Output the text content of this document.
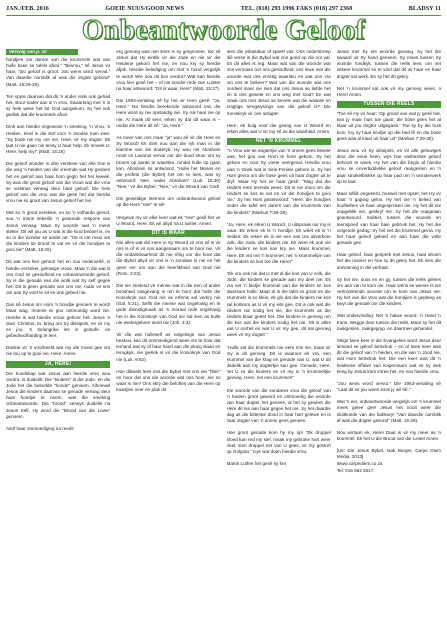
JAN./FEB. 2016	GOEIE NUUS/GOOD NEWS	TEL. (018) 293 1996 FAKS (018) 297 2368	BLADSY 11
Onbeantwoorde Geloof
Vervolg van p. 10

hondjies oor darem van die krummels wat van hulle base se tafels afval." "Bevrou," sê Jesus vir haar, "jou geloof is groot. Jou wens word vervul." Van daardie oomblik af was die dogter gesond" (Matt. 15:26-28).

Ten spyte daarvan dat dit 'n ander rede ook gehad het, stuur-nader aan is 'n vrou, Swaarkrag met 'n in sy hele wese het tot God aangekom. Sy het ook gedink dat die krummels afval.

Dink aan hierdie ongewone 'n smeking, 'n Vrou, 'n Heiden, kniel in die stof voor 'n Joodse man wee: "Sy bode nie my ore nie, Heer, vir my dogter. Ek laat U nie gaan nie tensy U haar help. Ek smeek U: Here, help my!" (Matt. 15:25)

Die geloof wonder in drie verskeie van Alle hoe is die weg 'n heiden van die vreemde wat Hy gedoen het en geloof aan haar hom geglo het het kweek. Sy was die groot geloof van die vroue wat die vrou se volstruis verwag deur haar geloof. Die hele geloof van die vrou wat die gesë het dat hierdie vrou nie so groot van Jesus geloof het nie.

Met so 'n groot verskeie, en so 'n volharde geloof, sou 'n mens sekerlik 'n gewonde respons van Jesus verwag. Maar Sy woorde laat 'n mens stelter. Dit wil jou as U wat is die kind bedoel is, en so in die wonder se ander oë: "Dit is nie mooi om die kinders se brood te vat en vir die hondjies te gooi nie" (Matt. 15:26).

Dit wat ons hier gehoor het en nou onderverlê, is hierdie verseker, gelowige vroue. Maar 'n die wat is ons God se gesindheid en onbeantwoorde geloof. Sy is die genade van die wolk wat Sy self gegee het. Dit is geen genade van ons nie; maar vir ons om aan Sy voet te sit en ons gebed nie.

Dan sê Jesus om Hom 'n hondjie genoem te word! Maar wag, moenie te gou ontmoedig word nie. Hierdie is wat hierdie vroue gehoor het: Jesus 'n doel. Christus, la, bring om Sy dissipels, en vir my en jou, 'n belangrike les in geloofs- en gebedsvolharding te leer.

Dankie vir 'n voorbeeld wat my die moed gee om nie tou op te gooi nie, Here. Amen.

JA, HERE!

Die boodskap wat Jesus aan hierdie vrou wou oordra, is duidelik: Die "kinders" is die Jode, en die Jode het die beloofde "honde" genoem. Alhoewel Jesus die kinders daarvan se genade verwag deur haar hondjie te noem, was die smeking onbeantwoorde. Die "brood" verwys duidelik na Jesus Self, Hy word die "Brood van die Lewe" genoem.

Asof haar ommoediging na reeds

erg genoeg was nie! Eers is sy geïgnoreer, toe sê Jesus dat Hy eintlik vir die Jode en nie vir die Heidene gekom het nie, en nou kry sy hierdie afjak. Hierdie belediging om met 'n hond vergelyk te word! Wie sou dit kon verdra? Wat kan hierdie vrou hier gesê het – of nie sonder rede nie! Luister na haar antwoord: "Dit is waar, Here" (Matt. 15:27).

Die 1953-vertaling sê by het vir Hom gesê: "Ja, Here." Na hierdie berekende antwoord van die Here word sy nie opstandig nie. Sy ruk haar nie op nie. Al maak dit seer, erken sy dat dit waar is – ondat die Here dit sê: "Ja, Here."

As meer van ons maar "ja" wou sê vir die Here en Sy Woord! Ek dink nou aan die ryk man in die klamme van die doderyk. Hy wou nié Abraham moet vir Lasarus vervul oor die dood stuur om sy broers op aarde te waarsku, omdat hulle op gaan kan. Abraham se antwoord: "Hulle het Moses en die profete (die Bybel) het om te lees, was sy antwoord: Nee, vader Abraham" (Luk. 16:30) "Nee," vir die Bybel. "Nee," vir die Woord van God!

Die geweldige stemme om onbeantwoord geloof op die Here "nee" te sê!

Vergewe my vir elke keer wat ek "nee" gesê het vir U Woord, Here. Ek wil altyd na U luister. Amen.

DIT IS WAAR

Nie alles wat die Here in Sy Woord vir ons sê is vir ons is of is vir ons aangenaam om te hoor nie. Vir die ondankbaarheid dit nie rêrig oor die hoor dat die Bybel altyd vir ons is 'n sondaar is nie en het geen eer om aan die heerlikheid van God nie (Rom. 3:23).

Die nie strelend vir mense wat in die een of ander boosheid vasgevang is om te hoor dat hulle die Koninkryk van God nie as erfenis sal verkry nie (Gal. 5:21). Selfs die mense wat ongelowig en te gode dienstigmaak as 'n moraal rede ongelowig het in die Koninkryk van God nie sal sien as hulle nie wedergebore word nie (Joh. 3:3).

Vir die wat hulleself as volgelinge van Jesus beskou, kan dit ontmoedigend wees om te hoor dat iemand wat sy of haar hand aan die ploeg slaan en terugkyk, nie geskik is vir die Koninkryk van God nie (Luk. 9:62).

Hoe dikwels lees ons die Bybel met ons eie "filter" en hoor dat ons die woorde wat ons hoor, nie so waar is nie? Ons skry die beloftes van die Here op kaartjies neer en plak dit

teen die yskasdeur of spieël vas. Ons onderstreep dié verse in die Bybel wat ons goed op die oor val. En dit alles is reg. Maar wat van die woorde wat ons vermaan oor ons gesindheid, ons lewe met die woorde wat ons ernstig waarsku en wat ons vra om ons te bekeer? Wat van die woorde wat ons oordeel maar nie sien dat ons Jesus se liefde het en is ons gewete en ons weg met God? En wat maak ons met Jesus se bevele wat die waarde en kragtige teregwysings van die geloof is? Die Koninkryk vir ons uitsigte!

Here, ek buig voor die gesag van U Woord en erken alles wat U vir my sê as die waarheid. Amen.

NET 'N KRUMMEL

"'n Vrou wie se dogtertjie van 'n onrein gees besete was, het gou van Hom te hore gekom. Sy het gekom en voor Sy voete neergeval. Hierdie vrou was 'n Griek wat in Sirie-Fenisie gebore is. Sy het Hom gevra om die bose gees uit haar dogter uit te dryf. Maar Hy het vir haar gesê: "Mag dat die kinders eers tevrede wees. Dit is nie mooi om die kinders se kos te vat en vir die hondjies te gooi nie." Sy het Hom geantwoord: "Here, die hondjies onder die tafel eet darem van die krummels van die kinders" (Markus 7:25-28).

"Ja, Here, ek erken U Woord. U uitspraak oor my is waar. Ek erken ek is 'n hondjie. Ek wéét ek is 'n heiden. Ek erken ek is nie een van Uw uitverkore volk, die Jode, die kinders nie. Ek weet ek ook nie die kinders se kos kan kry nie. Maar krummel, Here. Ek vra net 'n krummel, net 'n krummeltjie van die kinders se kos toe die Here!"

"Ek vra ook nie dat U met al die kos van U volk, die Jode, die kinders se genade aan my deel nie. Ek vra net 'n bietjie krummel van die kinders se kos dwarsoor hulle. Maar al is die tafel so groot en die krummels is so klein, ek glo dat die kinders nie kos sal kortkom as U vir my iets gee. Dit is ook wat die kinders nie nodig het nie, die krummels as die kinders klaar geëet het. Die kinders is genoeg om die kos wat die kinders nodig het nie. Dit is alles wat U oorhet en wat U vir my gee, dit sal genoeg wees vir my dogter."

"Hulle sal die krummels nie eers mis nie, maar vir my is dit genoeg. Dit is waaroor ek vra, een krummel van die krag en genade van U, wat U dit dadelik aan my dogtertjie kan gee. Genade, Here, het U vir die kinders en vir my in 'n krummeltjie gevoeg. Here, net een krummel!"

Die woorde van die sondares vrou die geloof van 'n heiden groot geword en ontmoedig die woorde van haar dogter het genees, al het sy geweet die Here dit nie aan haar gegee het nie. Sy het daardie dag uit die bitterste dood in haar hart gelewe en is haar dogter van 'n onrein gees genees.

Hoe groot genade kom hy my op! "Ek druppel bloed kan red my siel, maak my gebroke hart weer heel. Een druppel net van U gees, vir my gestort op Golgota." Kyk wat doen hierdie vrou.

Martin Luther het gesê sy het

Jesus met Sy eie woorde gevang. Sy het die swaard uit Sy hand geneem. Sy moes tussen Sy woorde rondkyk, tussen die reëls lees, om net sekere krummel so te vind dat dit vir haar en haar dogter sal werk. En sy het dit gekry.

Net 'n krummel sal ook vir my genoeg wees, o Here! Amen.

TUSSEN DIE REËLS

"Toe sê Hy vir haar: 'Op grond van wat jy gesê het, kan jy maar huis toe gaan; die bose gees het al klaar uit jou dogter uitgegaan.' Toe sy by die huis kom, kry sy haar kindjie op die bed lê en die bose gees was al klaar uit haar uit" (Markus 7:29-30).

Jesus wou vir Sy dissipels, en vir alle gelowiges deur die eeue heen, wys hoe vasbeslote geloof behoort te wees. Hy het van die begin af hierdie vrou se onverbiddelike geloof raakgesien en 'n paar struikelblokke op haar pad om 'n wonderwerk op te laat.

Maar lofliik ongeëerd, hoewel met opset, het Hy vir haar 'n gaping gelos. Hy het nie 'n beleid van hooftellers vir haar uitgesproken nie. Hy het dit nie oopgeblik nie, geskryf nie. Sy het die oopgeaan geantwoord. Subtiel, tussen die woorde en teenspoed van haar baie gebruik het. Hy het die volgende gedog: Sy het net die krummel gevra. Hy het haar geloof gebied en aan haar die volle genade gee.

Haar geloof, haar gesprek met Jesus, haar droom het die manier en hoe sy dit gekry het. Ek sien die oorwinning in die verhaal.

Sy het nie, soos en en gy, tussen die reëls gelees om aan van te kom nie. Haar wens se wense is nie vertroostende woorde om te kom van Jesus nie. Hy het van die vrou wat die hondjies is gepleeg as kwyt die genade oor die kinders.

Wat ondervinding: Net 'n halwe woord, 'n Hand 'n Kans. Wegge deur tussen die reëls. Maar sy het dit raakgesien, raakgegryp, en daarmee gehandel.

Slegs twee keer in die Evangelies word Jesus deur iemand se geloof beïndruk – en al twee keer was dit die geloof van 'n heiden, en die van 'n Jood nie, wat Hom beïndruk het. Die een keer was dit 'n heidense offisier van Kapernaum wat vir sy siek kneg by Jesus kom intree het, en nou hierdie vrou.

"Jou wens word vervul." Die 1953-vertaling sê "Laat dit vir jou wees soos jy wil hê."

Wat 'n eer, onbeantwoorde vergelyk om 'n krummel mees gelee gee! Jesus het nooit weer die sluitkunde van die babkory! "Van daardie oomblik af was die dogter gesond" (Matt. 15:28).

Nou vertaan ek, Here! Daar is vir my meer as 'n krummel. Ek het U die Brood van die Lewe! Amen.

[Uit: Die Jesus Bybel, Isak Burger, Carpe Diem Media, 2013]

Www.carpediem.co.za

Tel: 016 982 3617.
